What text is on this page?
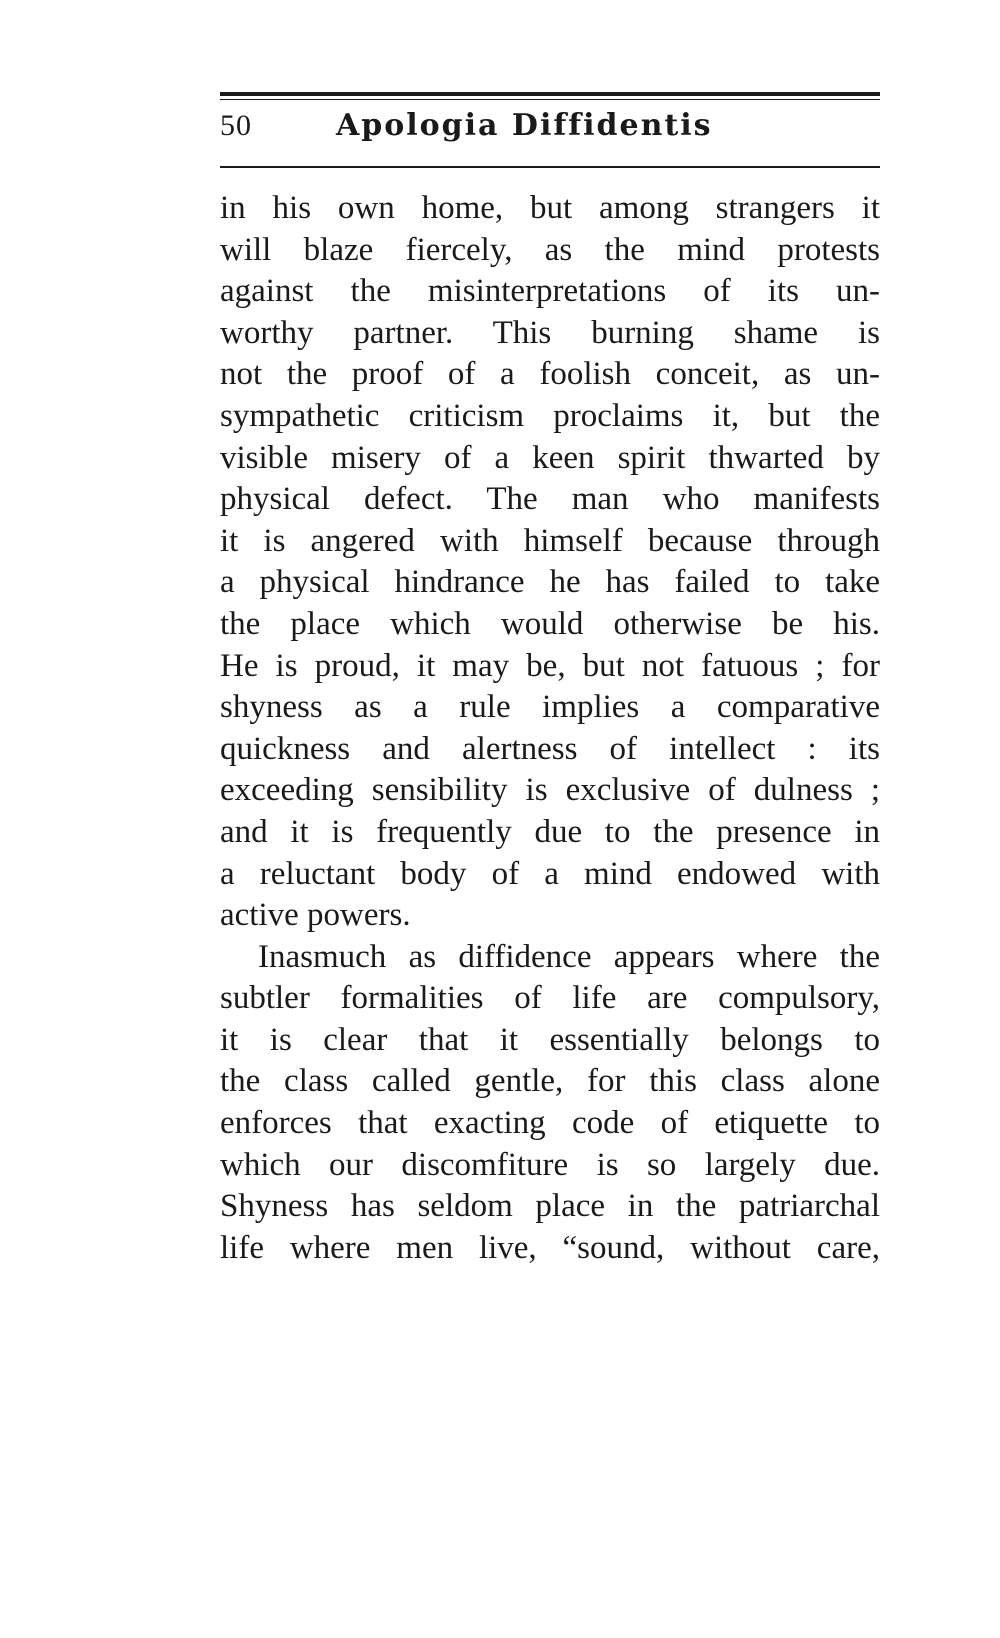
50	Apologia Diffidentis
in his own home, but among strangers it
will blaze fiercely, as the mind protests
against the misinterpretations of its un-
worthy partner. This burning shame is
not the proof of a foolish conceit, as un-
sympathetic criticism proclaims it, but the
visible misery of a keen spirit thwarted by
physical defect. The man who manifests
it is angered with himself because through
a physical hindrance he has failed to take
the place which would otherwise be his.
He is proud, it may be, but not fatuous ; for
shyness as a rule implies a comparative
quickness and alertness of intellect : its
exceeding sensibility is exclusive of dulness ;
and it is frequently due to the presence in
a reluctant body of a mind endowed with
active powers.
Inasmuch as diffidence appears where the
subtler formalities of life are compulsory,
it is clear that it essentially belongs to
the class called gentle, for this class alone
enforces that exacting code of etiquette to
which our discomfiture is so largely due.
Shyness has seldom place in the patriarchal
life where men live, “sound, without care,
